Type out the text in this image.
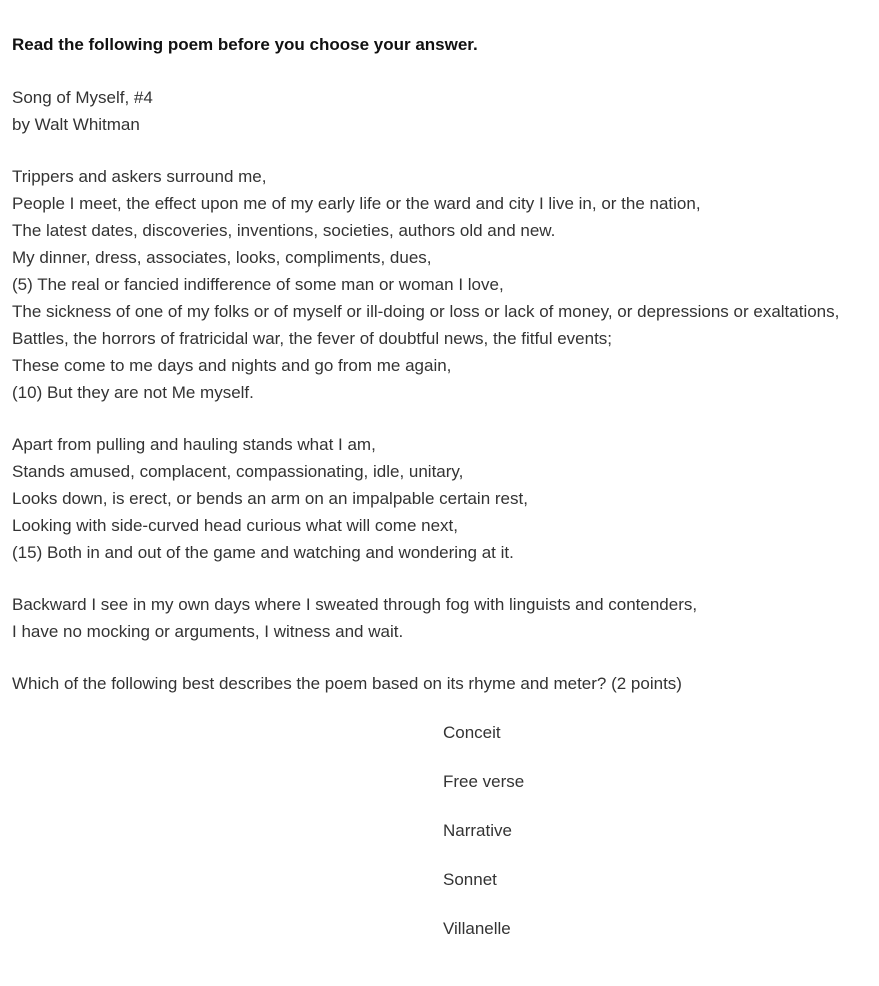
Read the following poem before you choose your answer.
Song of Myself, #4
by Walt Whitman
Trippers and askers surround me,
People I meet, the effect upon me of my early life or the ward and city I live in, or the nation,
The latest dates, discoveries, inventions, societies, authors old and new.
My dinner, dress, associates, looks, compliments, dues,
(5) The real or fancied indifference of some man or woman I love,
The sickness of one of my folks or of myself or ill-doing or loss or lack of money, or depressions or exaltations,
Battles, the horrors of fratricidal war, the fever of doubtful news, the fitful events;
These come to me days and nights and go from me again,
(10) But they are not Me myself.
Apart from pulling and hauling stands what I am,
Stands amused, complacent, compassionating, idle, unitary,
Looks down, is erect, or bends an arm on an impalpable certain rest,
Looking with side-curved head curious what will come next,
(15) Both in and out of the game and watching and wondering at it.
Backward I see in my own days where I sweated through fog with linguists and contenders,
I have no mocking or arguments, I witness and wait.
Which of the following best describes the poem based on its rhyme and meter? (2 points)
Conceit
Free verse
Narrative
Sonnet
Villanelle
